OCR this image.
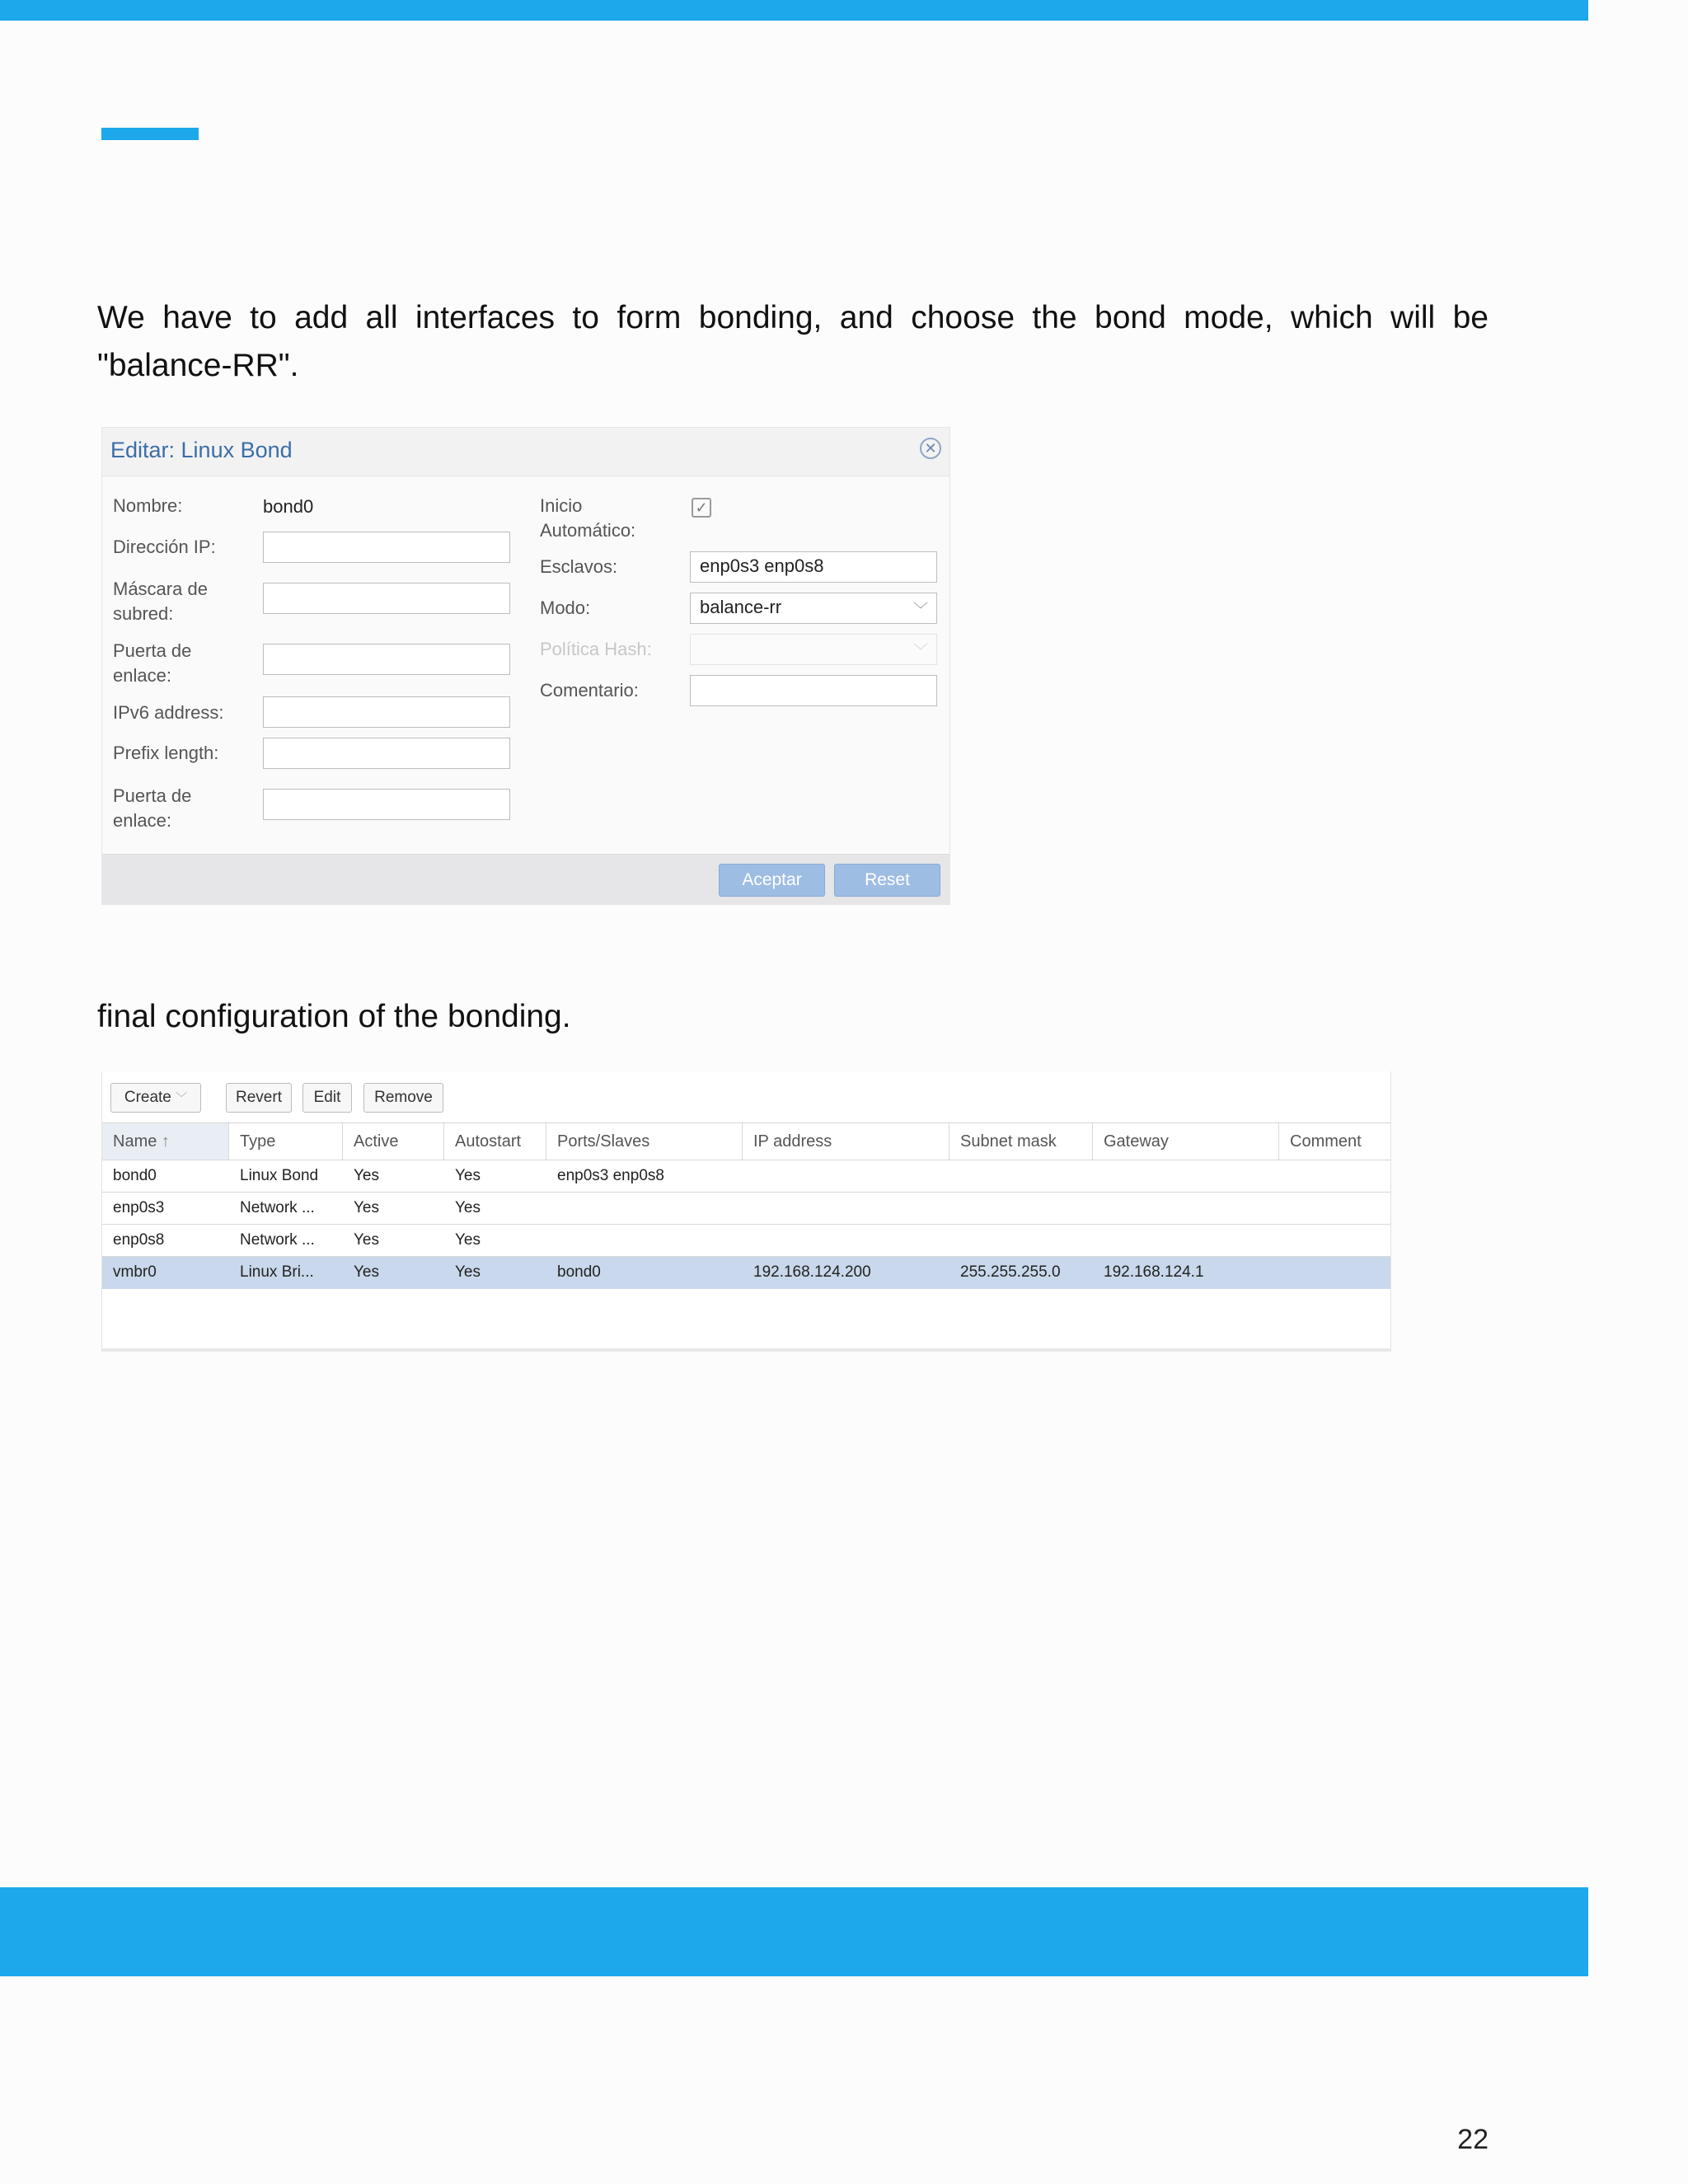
We have to add all interfaces to form bonding, and choose the bond mode, which will be "balance-RR".
Editar: Linux Bond	✕
Nombre:	bond0
Dirección IP:
Máscara de
subred:
Puerta de
enlace:
IPv6 address:
Prefix length:
Puerta de
enlace:
Inicio
Automático:
✓
Esclavos:	enp0s3 enp0s8
Modo:	balance-rr	﹀
Política Hash:	﹀
Comentario:
Aceptar	Reset
final configuration of the bonding.
Create ﹀	Revert	Edit	Remove
Name ↑	Type	Active	Autostart	Ports/Slaves	IP address	Subnet mask	Gateway	Comment
bond0	Linux Bond	Yes	Yes	enp0s3 enp0s8
enp0s3	Network ...	Yes	Yes
enp0s8	Network ...	Yes	Yes
vmbr0	Linux Bri...	Yes	Yes	bond0	192.168.124.200	255.255.255.0	192.168.124.1
22
